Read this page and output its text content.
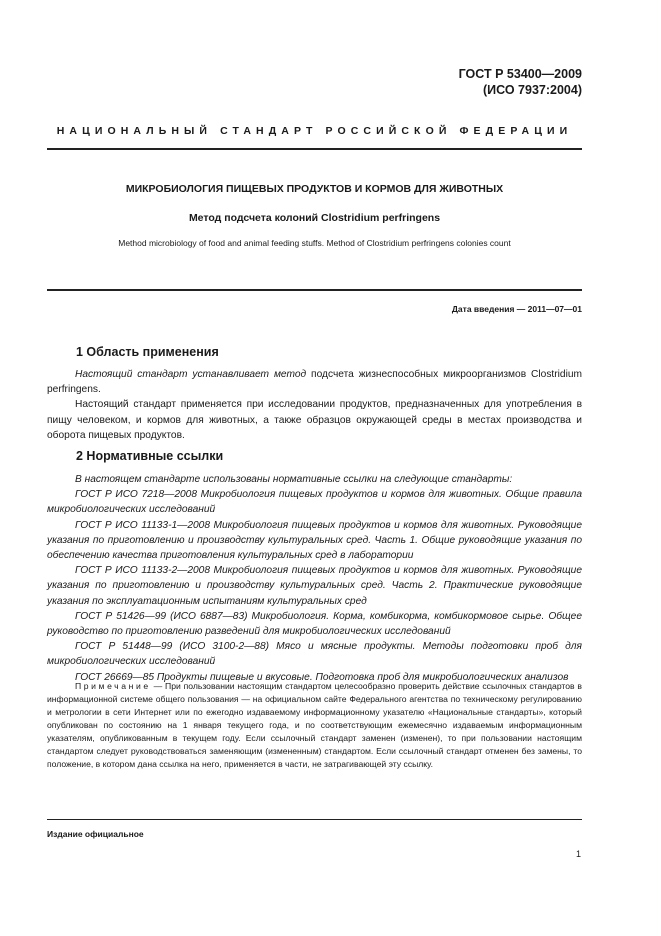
ГОСТ Р 53400—2009
(ИСО 7937:2004)
НАЦИОНАЛЬНЫЙ СТАНДАРТ РОССИЙСКОЙ ФЕДЕРАЦИИ
МИКРОБИОЛОГИЯ ПИЩЕВЫХ ПРОДУКТОВ И КОРМОВ ДЛЯ ЖИВОТНЫХ
Метод подсчета колоний Clostridium perfringens
Method microbiology of food and animal feeding stuffs. Method of Clostridium perfringens colonies count
Дата введения — 2011—07—01
1 Область применения

Настоящий стандарт устанавливает метод подсчета жизнеспособных микроорганизмов Clostridium perfringens.

Настоящий стандарт применяется при исследовании продуктов, предназначенных для употребления в пищу человеком, и кормов для животных, а также образцов окружающей среды в местах производства и оборота пищевых продуктов.

2 Нормативные ссылки

В настоящем стандарте использованы нормативные ссылки на следующие стандарты:

ГОСТ Р ИСО 7218—2008 Микробиология пищевых продуктов и кормов для животных. Общие правила микробиологических исследований

ГОСТ Р ИСО 11133-1—2008 Микробиология пищевых продуктов и кормов для животных. Руководящие указания по приготовлению и производству культуральных сред. Часть 1. Общие руководящие указания по обеспечению качества приготовления культуральных сред в лаборатории

ГОСТ Р ИСО 11133-2—2008 Микробиология пищевых продуктов и кормов для животных. Руководящие указания по приготовлению и производству культуральных сред. Часть 2. Практические руководящие указания по эксплуатационным испытаниям культуральных сред

ГОСТ Р 51426—99 (ИСО 6887—83) Микробиология. Корма, комбикорма, комбикормовое сырье. Общее руководство по приготовлению разведений для микробиологических исследований

ГОСТ Р 51448—99 (ИСО 3100-2—88) Мясо и мясные продукты. Методы подготовки проб для микробиологических исследований

ГОСТ 26669—85 Продукты пищевые и вкусовые. Подготовка проб для микробиологических анализов

Примечание — При пользовании настоящим стандартом целесообразно проверить действие ссылочных стандартов в информационной системе общего пользования — на официальном сайте Федерального агентства по техническому регулированию и метрологии в сети Интернет или по ежегодно издаваемому информационному указателю «Национальные стандарты», который опубликован по состоянию на 1 января текущего года, и по соответствующим ежемесячно издаваемым информационным указателям, опубликованным в текущем году. Если ссылочный стандарт заменен (изменен), то при пользовании настоящим стандартом следует руководствоваться заменяющим (измененным) стандартом. Если ссылочный стандарт отменен без замены, то положение, в котором дана ссылка на него, применяется в части, не затрагивающей эту ссылку.

Издание официальное
1
